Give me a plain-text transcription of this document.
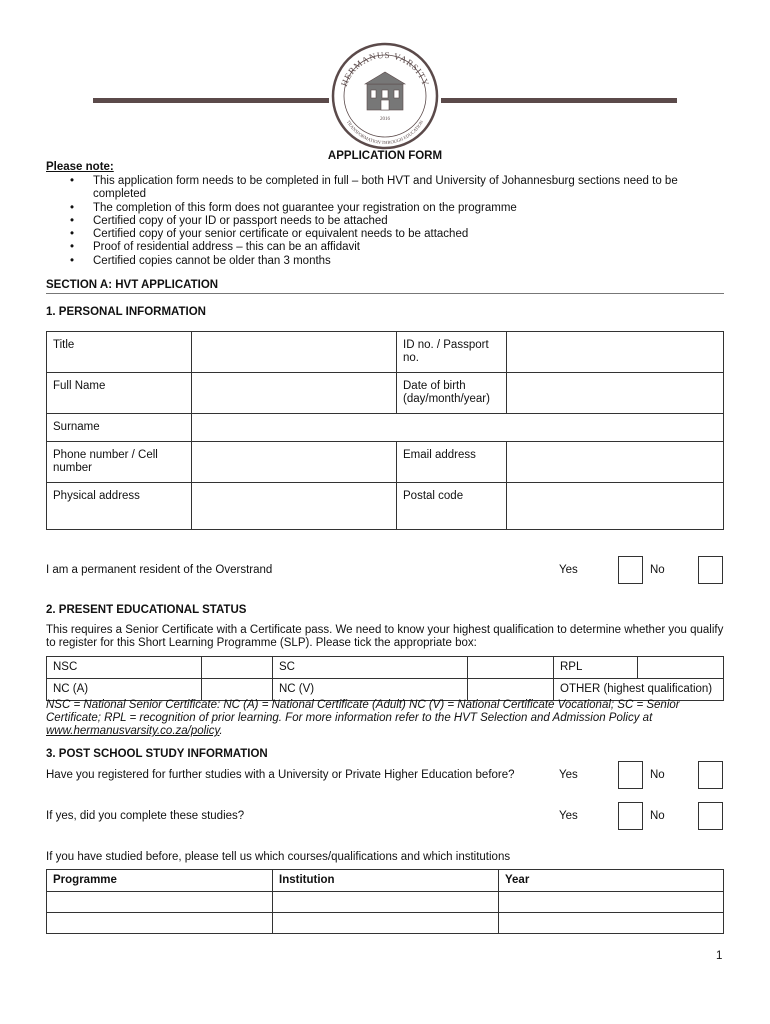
HERMANUS VARSITY
TRANSFORMATION THROUGH EDUCATION
2016
APPLICATION FORM
Please note:
• This application form needs to be completed in full – both HVT and University of Johannesburg sections need to be completed
• The completion of this form does not guarantee your registration on the programme
• Certified copy of your ID or passport needs to be attached
• Certified copy of your senior certificate or equivalent needs to be attached
• Proof of residential address – this can be an affidavit
• Certified copies cannot be older than 3 months
SECTION A: HVT APPLICATION
1. PERSONAL INFORMATION
Title		ID no. / Passport no.	
Full Name		Date of birth (day/month/year)	
Surname			
Phone number / Cell number		Email address	
Physical address		Postal code	
I am a permanent resident of the Overstrand	Yes	No
2. PRESENT EDUCATIONAL STATUS
This requires a Senior Certificate with a Certificate pass. We need to know your highest qualification to determine whether you qualify to register for this Short Learning Programme (SLP). Please tick the appropriate box:
NSC		SC		RPL	
NC (A)		NC (V)		OTHER (highest qualification)	
NSC = National Senior Certificate: NC (A) = National Certificate (Adult) NC (V) = National Certificate Vocational; SC = Senior Certificate; RPL = recognition of prior learning. For more information refer to the HVT Selection and Admission Policy at www.hermanusvarsity.co.za/policy.
3. POST SCHOOL STUDY INFORMATION
Have you registered for further studies with a University or Private Higher Education before?	Yes	No
If yes, did you complete these studies?	Yes	No
If you have studied before, please tell us which courses/qualifications and which institutions
Programme	Institution	Year

1
